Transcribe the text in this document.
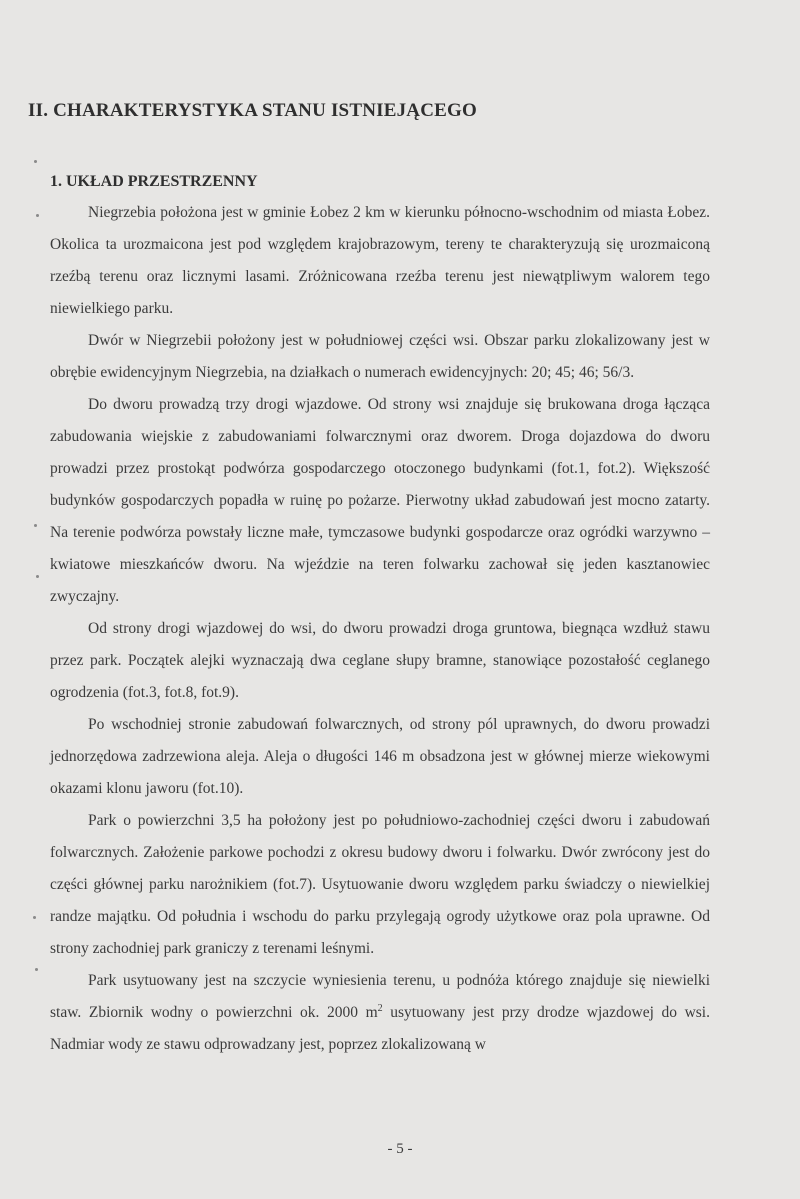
II. CHARAKTERYSTYKA STANU ISTNIEJĄCEGO
1. UKŁAD PRZESTRZENNY

Niegrzebia położona jest w gminie Łobez 2 km w kierunku północno-wschodnim od miasta Łobez. Okolica ta urozmaicona jest pod względem krajobrazowym, tereny te charakteryzują się urozmaiconą rzeźbą terenu oraz licznymi lasami. Zróżnicowana rzeźba terenu jest niewątpliwym walorem tego niewielkiego parku.

Dwór w Niegrzebii położony jest w południowej części wsi. Obszar parku zlokalizowany jest w obrębie ewidencyjnym Niegrzebia, na działkach o numerach ewidencyjnych: 20; 45; 46; 56/3.

Do dworu prowadzą trzy drogi wjazdowe. Od strony wsi znajduje się brukowana droga łącząca zabudowania wiejskie z zabudowaniami folwarcznymi oraz dworem. Droga dojazdowa do dworu prowadzi przez prostokąt podwórza gospodarczego otoczonego budynkami (fot.1, fot.2). Większość budynków gospodarczych popadła w ruinę po pożarze. Pierwotny układ zabudowań jest mocno zatarty. Na terenie podwórza powstały liczne małe, tymczasowe budynki gospodarcze oraz ogródki warzywno – kwiatowe mieszkańców dworu. Na wjeździe na teren folwarku zachował się jeden kasztanowiec zwyczajny.

Od strony drogi wjazdowej do wsi, do dworu prowadzi droga gruntowa, biegnąca wzdłuż stawu przez park. Początek alejki wyznaczają dwa ceglane słupy bramne, stanowiące pozostałość ceglanego ogrodzenia (fot.3, fot.8, fot.9).

Po wschodniej stronie zabudowań folwarcznych, od strony pól uprawnych, do dworu prowadzi jednorzędowa zadrzewiona aleja. Aleja o długości 146 m obsadzona jest w głównej mierze wiekowymi okazami klonu jaworu (fot.10).

Park o powierzchni 3,5 ha położony jest po południowo-zachodniej części dworu i zabudowań folwarcznych. Założenie parkowe pochodzi z okresu budowy dworu i folwarku. Dwór zwrócony jest do części głównej parku narożnikiem (fot.7). Usytuowanie dworu względem parku świadczy o niewielkiej randze majątku. Od południa i wschodu do parku przylegają ogrody użytkowe oraz pola uprawne. Od strony zachodniej park graniczy z terenami leśnymi.

Park usytuowany jest na szczycie wyniesienia terenu, u podnóża którego znajduje się niewielki staw. Zbiornik wodny o powierzchni ok. 2000 $m^2$ usytuowany jest przy drodze wjazdowej do wsi. Nadmiar wody ze stawu odprowadzany jest, poprzez zlokalizowaną w

- 5 -
